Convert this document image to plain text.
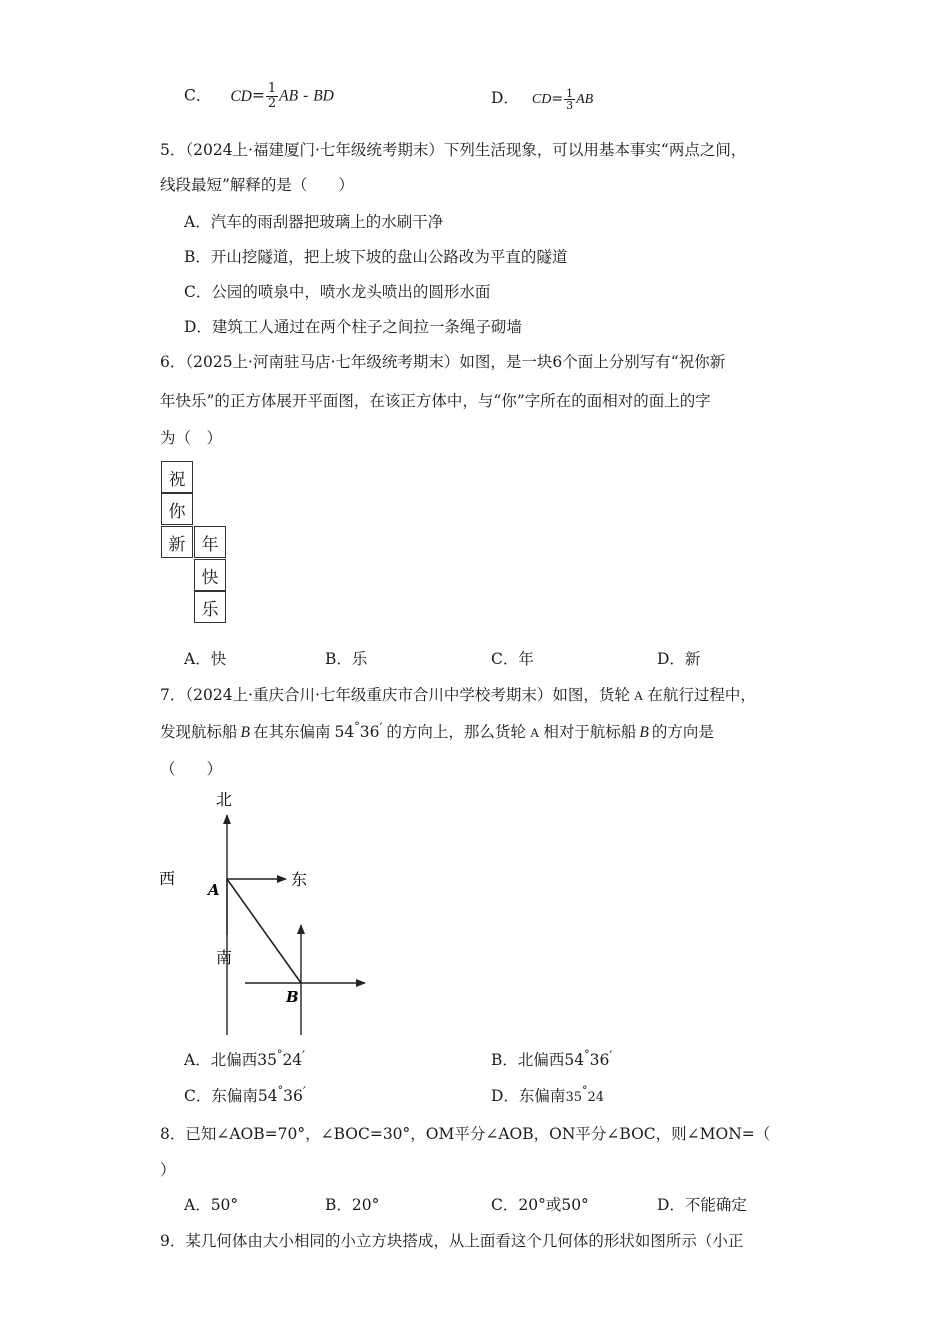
C． $CD= \frac{1}{2}$ AB - BD	D． $CD= \frac{1}{3}$ AB
5．（2024上·福建厦门·七年级统考期末）下列生活现象，可以用基本事实“两点之间，
线段最短”解释的是（　　）
A．汽车的雨刮器把玻璃上的水刷干净
B．开山挖隧道，把上坡下坡的盘山公路改为平直的隧道
C．公园的喷泉中，喷水龙头喷出的圆形水面
D．建筑工人通过在两个柱子之间拉一条绳子砌墙
6．（2025上·河南驻马店·七年级统考期末）如图，是一块6个面上分别写有“祝你新
年快乐”的正方体展开平面图，在该正方体中，与“你”字所在的面相对的面上的字
为（　）
祝
你
新 年
快
乐
A．快	B．乐	C．年	D．新
7．（2024上·重庆合川·七年级重庆市合川中学校考期末）如图，货轮 A 在航行过程中，
发现航标船 B 在其东偏南 54°36′ 的方向上，那么货轮 A 相对于航标船 B 的方向是
（　　）
北
西	东
南
A
B
A．北偏西35°24′	B．北偏西54°36′
C．东偏南54°36′	D．东偏南35°24
8．已知∠AOB=70°，∠BOC=30°，OM平分∠AOB，ON平分∠BOC，则∠MON=（
）
A．50°	B．20°	C．20°或50°	D．不能确定
9．某几何体由大小相同的小立方块搭成，从上面看这个几何体的形状如图所示（小正
